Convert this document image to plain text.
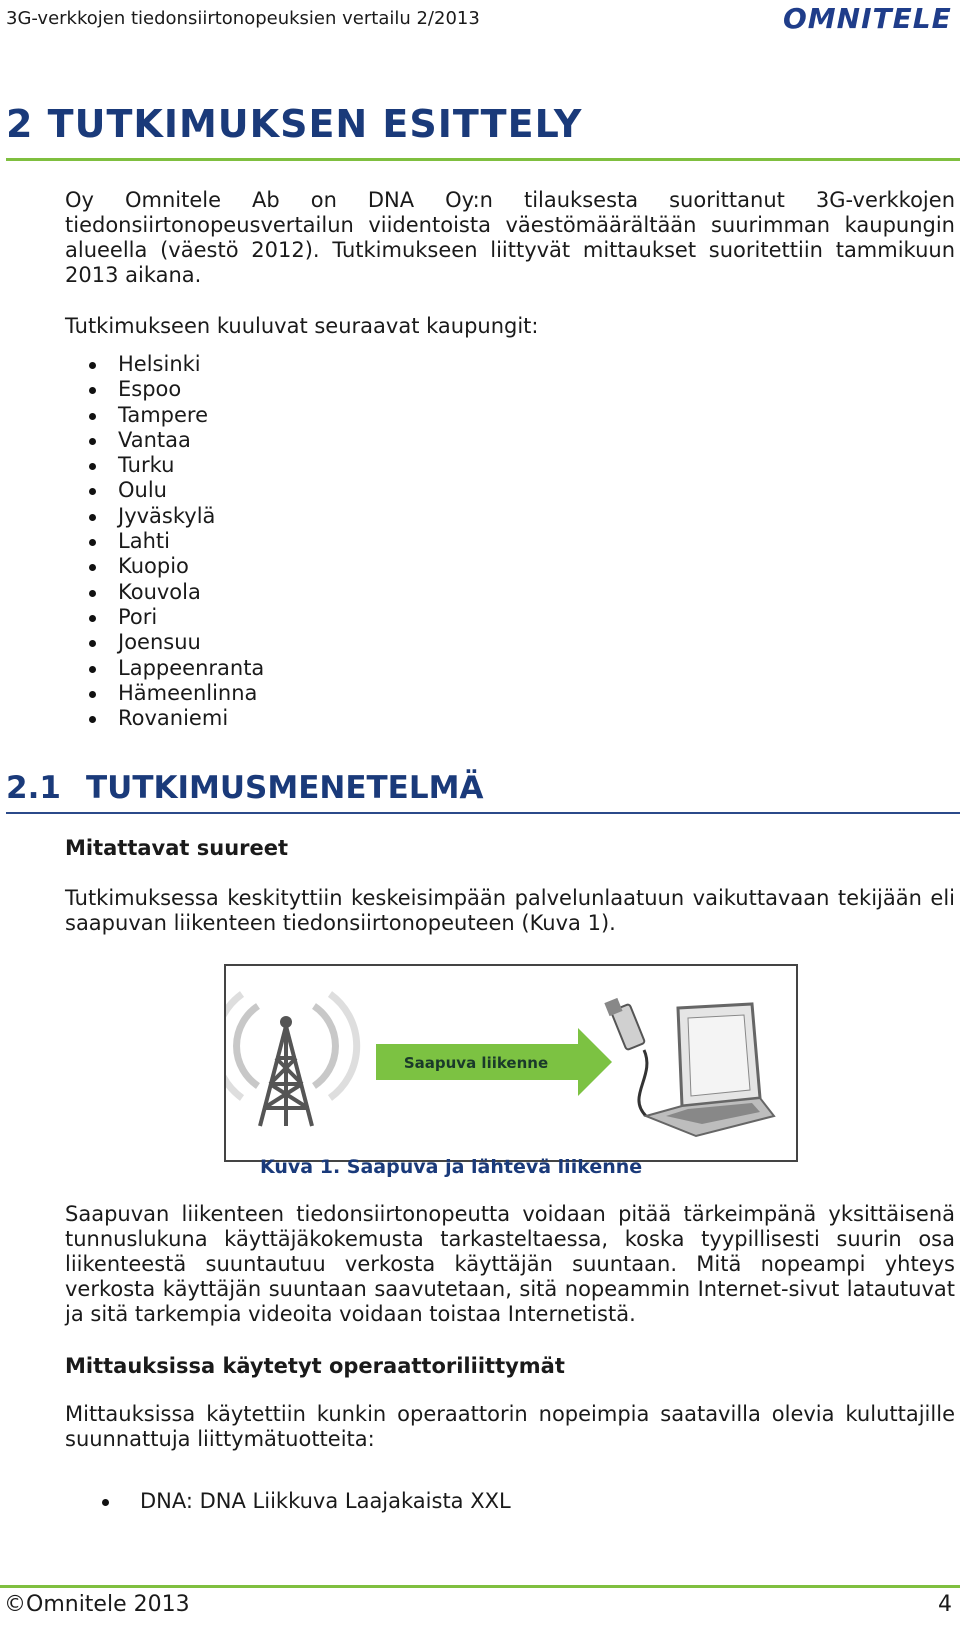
3G-verkkojen tiedonsiirtonopeuksien vertailu 2/2013	OMNITELE
2 TUTKIMUKSEN ESITTELY

Oy Omnitele Ab on DNA Oy:n tilauksesta suorittanut 3G-verkkojen tiedonsiirtonopeusvertailun viidentoista väestömäärältään suurimman kaupungin alueella (väestö 2012). Tutkimukseen liittyvät mittaukset suoritettiin tammikuun 2013 aikana.

Tutkimukseen kuuluvat seuraavat kaupungit:
Helsinki
Espoo
Tampere
Vantaa
Turku
Oulu
Jyväskylä
Lahti
Kuopio
Kouvola
Pori
Joensuu
Lappeenranta
Hämeenlinna
Rovaniemi
2.1 TUTKIMUSMENETELMÄ
Mitattavat suureet

Tutkimuksessa keskityttiin keskeisimpään palvelunlaatuun vaikuttavaan tekijään eli saapuvan liikenteen tiedonsiirtonopeuteen (Kuva 1).

Saapuva liikenne
Kuva 1. Saapuva ja lähtevä liikenne

Saapuvan liikenteen tiedonsiirtonopeutta voidaan pitää tärkeimpänä yksittäisenä tunnuslukuna käyttäjäkokemusta tarkasteltaessa, koska tyypillisesti suurin osa liikenteestä suuntautuu verkosta käyttäjän suuntaan. Mitä nopeampi yhteys verkosta käyttäjän suuntaan saavutetaan, sitä nopeammin Internet-sivut latautuvat ja sitä tarkempia videoita voidaan toistaa Internetistä.

Mittauksissa käytetyt operaattoriliittymät

Mittauksissa käytettiin kunkin operaattorin nopeimpia saatavilla olevia kuluttajille suunnattuja liittymätuotteita:

DNA: DNA Liikkuva Laajakaista XXL
©Omnitele 2013	4
